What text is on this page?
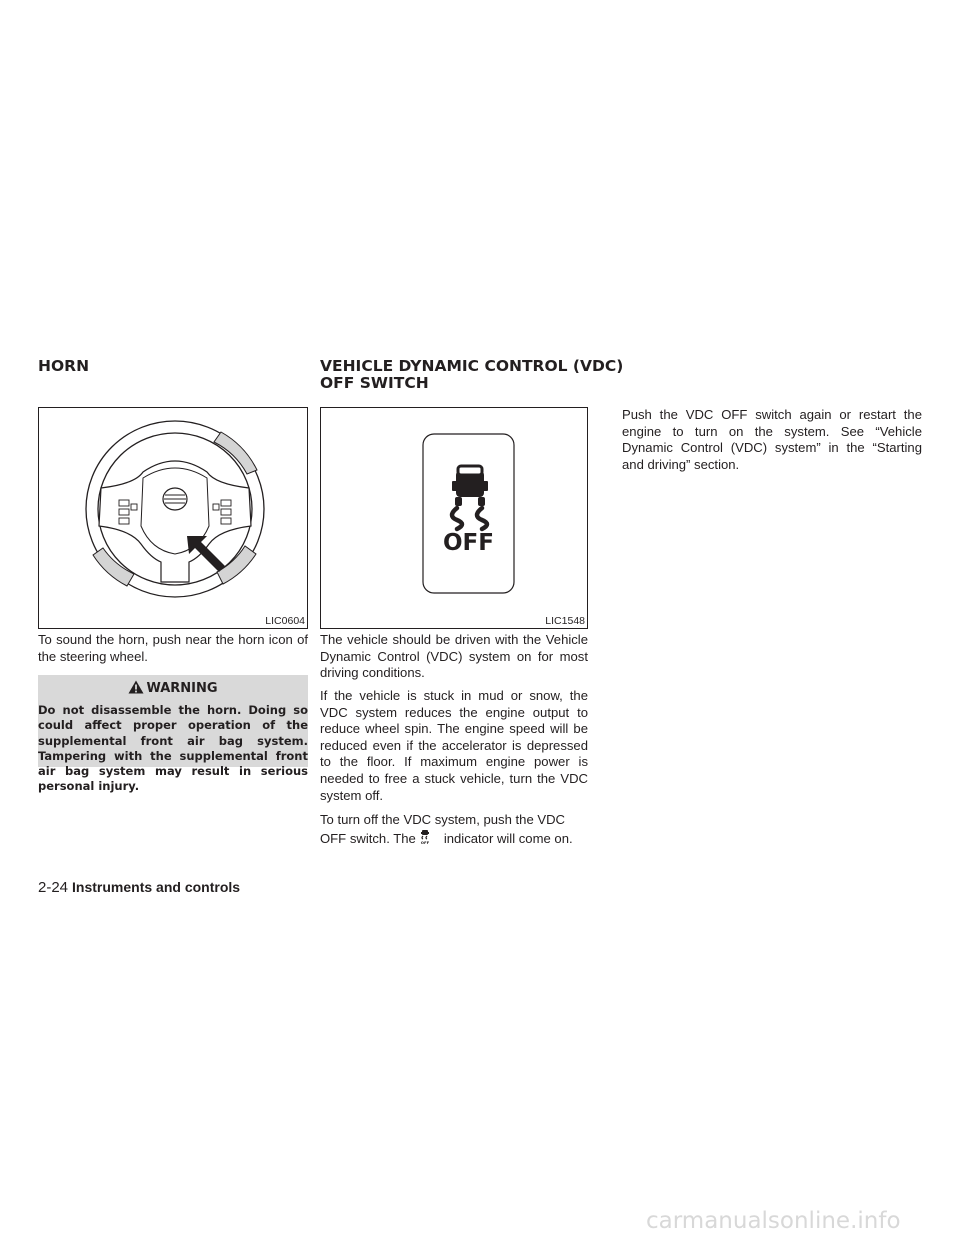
HORN	VEHICLE DYNAMIC CONTROL (VDC)
OFF SWITCH
LIC0604
OFF
LIC1548

To sound the horn, push near the horn icon of the steering wheel.

WARNING

Do not disassemble the horn. Doing so could affect proper operation of the supplemental front air bag system. Tampering with the supplemental front air bag system may result in serious personal injury.

The vehicle should be driven with the Vehicle Dynamic Control (VDC) system on for most driving conditions.

If the vehicle is stuck in mud or snow, the VDC system reduces the engine output to reduce wheel spin. The engine speed will be reduced even if the accelerator is depressed to the floor. If maximum engine power is needed to free a stuck vehicle, turn the VDC system off.

To turn off the VDC system, push the VDC OFF switch. The OFF indicator will come on.

Push the VDC OFF switch again or restart the engine to turn on the system. See “Vehicle Dynamic Control (VDC) system” in the “Starting and driving” section.

2-24 Instruments and controls

carmanualsonline.info
